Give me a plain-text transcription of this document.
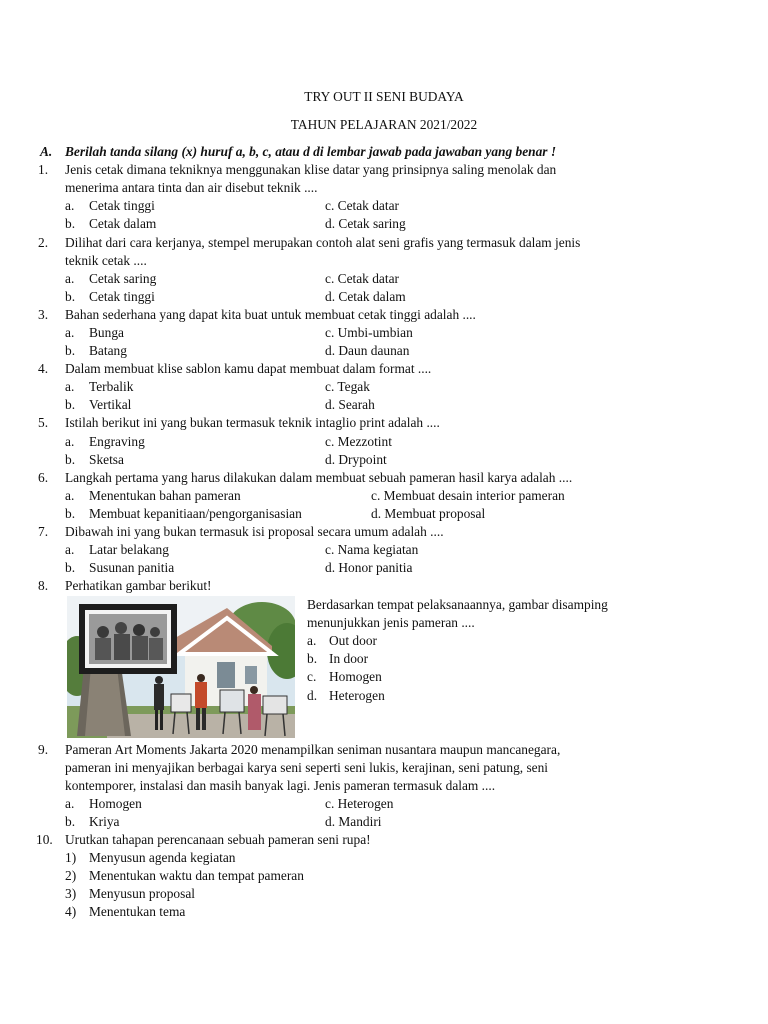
TRY OUT II SENI BUDAYA
TAHUN PELAJARAN 2021/2022
A. Berilah tanda silang (x) huruf a, b, c, atau d di lembar jawab pada jawaban yang benar !
1.	Jenis cetak dimana tekniknya menggunakan klise datar yang prinsipnya saling menolak dan
menerima antara tinta dan air disebut teknik ....
a.	Cetak tinggi	c. Cetak datar
b.	Cetak dalam	d. Cetak saring
2.	Dilihat dari cara kerjanya, stempel merupakan contoh alat seni grafis yang termasuk dalam jenis
teknik cetak ....
a.	Cetak saring	c. Cetak datar
b.	Cetak tinggi	d. Cetak dalam
3.	Bahan sederhana yang dapat kita buat untuk membuat cetak tinggi adalah ....
a.	Bunga	c. Umbi-umbian
b.	Batang	d. Daun daunan
4.	Dalam membuat klise sablon kamu dapat membuat dalam format ....
a.	Terbalik	c. Tegak
b.	Vertikal	d. Searah
5.	Istilah berikut ini yang bukan termasuk teknik intaglio print adalah ....
a.	Engraving	c. Mezzotint
b.	Sketsa	d. Drypoint
6.	Langkah pertama yang harus dilakukan dalam membuat sebuah pameran hasil karya adalah ....
a.	Menentukan bahan pameran	c. Membuat desain interior pameran
b.	Membuat kepanitiaan/pengorganisasian	d. Membuat proposal
7.	Dibawah ini yang bukan termasuk isi proposal secara umum adalah ....
a.	Latar belakang	c. Nama kegiatan
b.	Susunan panitia	d. Honor panitia
8.	Perhatikan gambar berikut!
Berdasarkan tempat pelaksanaannya, gambar disamping
menunjukkan jenis pameran ....
a. Out door
b. In door
c. Homogen
d. Heterogen
9.	Pameran Art Moments Jakarta 2020 menampilkan seniman nusantara maupun mancanegara,
pameran ini menyajikan berbagai karya seni seperti seni lukis, kerajinan, seni patung, seni
kontemporer, instalasi dan masih banyak lagi. Jenis pameran termasuk dalam ....
a.	Homogen	c. Heterogen
b.	Kriya	d. Mandiri
10. Urutkan tahapan perencanaan sebuah pameran seni rupa!
1) Menyusun agenda kegiatan
2) Menentukan waktu dan tempat pameran
3) Menyusun proposal
4) Menentukan tema
